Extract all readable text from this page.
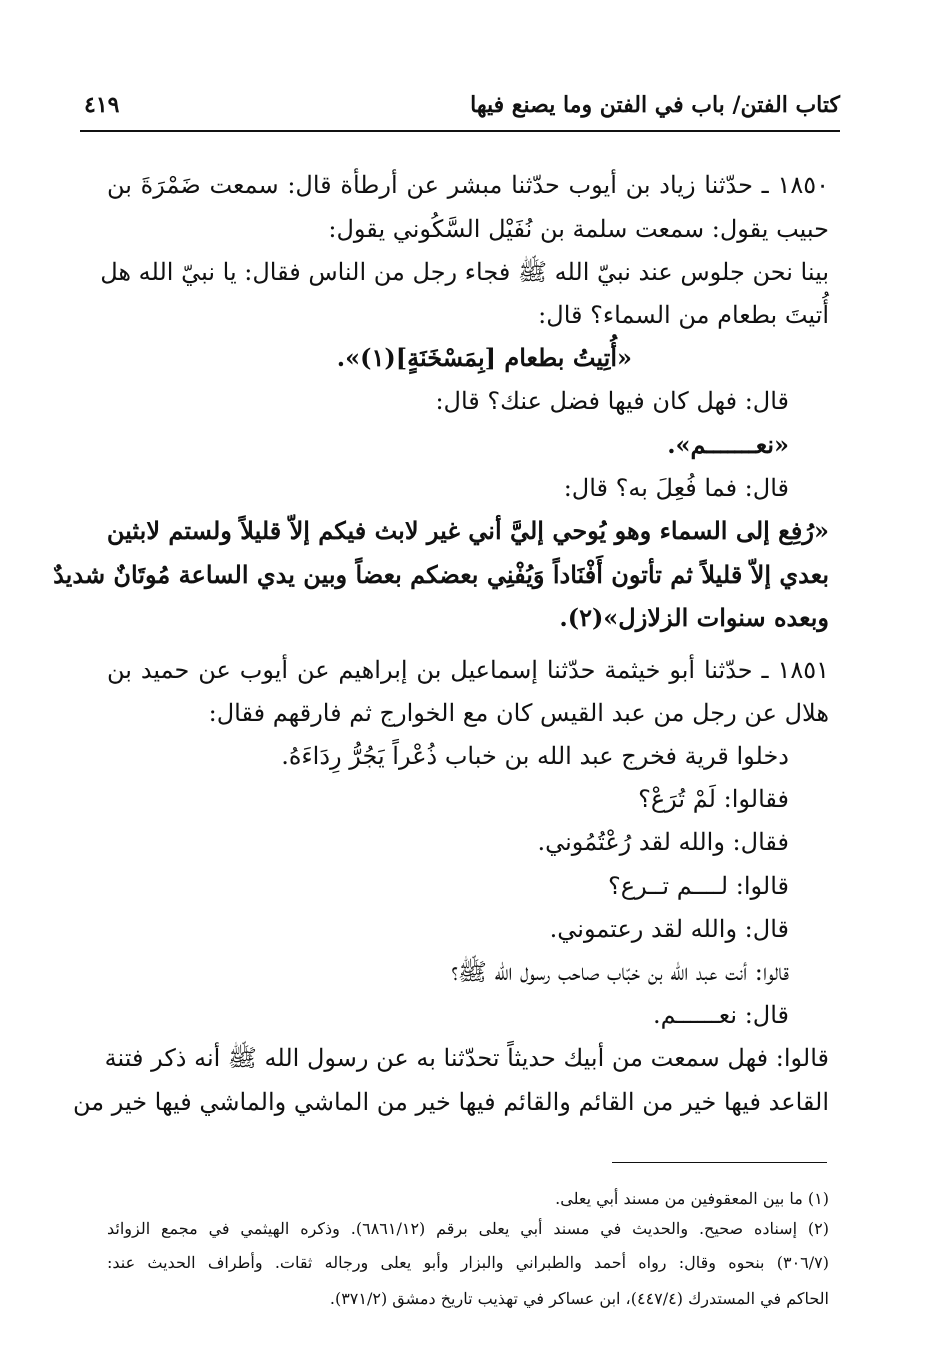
كتاب الفتن/ باب في الفتن وما يصنع فيها
٤١٩
١٨٥٠ ـ حدّثنا زياد بن أيوب حدّثنا مبشر عن أرطأة قال: سمعت ضَمْرَةَ بن
حبيب يقول: سمعت سلمة بن نُفَيْل السَّكُوني يقول:
بينا نحن جلوس عند نبيّ الله ﷺ فجاء رجل من الناس فقال: يا نبيّ الله هل
أُتيتَ بطعام من السماء؟ قال:
«أُتِيتُ بطعام [بِمَسْخَنَةٍ](١)».
قال: فهل كان فيها فضل عنك؟ قال:
«نعـــــــم».
قال: فما فُعِلَ به؟ قال:
«رُفِع إلى السماء وهو يُوحي إليَّ أني غير لابث فيكم إلاّ قليلاً ولستم لابثين
بعدي إلاّ قليلاً ثم تأتون أَفْنَاداً وَيُفْنِي بعضكم بعضاً وبين يدي الساعة مُوتَانٌ شديدٌ
وبعده سنوات الزلازل»(٢).
١٨٥١ ـ حدّثنا أبو خيثمة حدّثنا إسماعيل بن إبراهيم عن أيوب عن حميد بن
هلال عن رجل من عبد القيس كان مع الخوارج ثم فارقهم فقال:
دخلوا قرية فخرج عبد الله بن خباب ذُعْراً يَجُرُّ رِدَاءَهُ.
فقالوا: لَمْ تُرَعْ؟
فقال: والله لقد رُعْتُمُوني.
قالوا: لــــم تــرع؟
قال: والله لقد رعتموني.
قالوا: أنت عبد الله بن خبّاب صاحب رسول الله ﷺ؟
قال: نعــــــم.
قالوا: فهل سمعت من أبيك حديثاً تحدّثنا به عن رسول الله ﷺ أنه ذكر فتنة
القاعد فيها خير من القائم والقائم فيها خير من الماشي والماشي فيها خير من
(١) ما بين المعقوفين من مسند أبي يعلى.
(٢) إسناده صحيح. والحديث في مسند أبي يعلى برقم (٦٨٦١/١٢). وذكره الهيثمي في مجمع الزوائد
(٣٠٦/٧) بنحوه وقال: رواه أحمد والطبراني والبزار وأبو يعلى ورجاله ثقات. وأطراف الحديث عند:
الحاكم في المستدرك (٤٤٧/٤)، ابن عساكر في تهذيب تاريخ دمشق (٣٧١/٢).
